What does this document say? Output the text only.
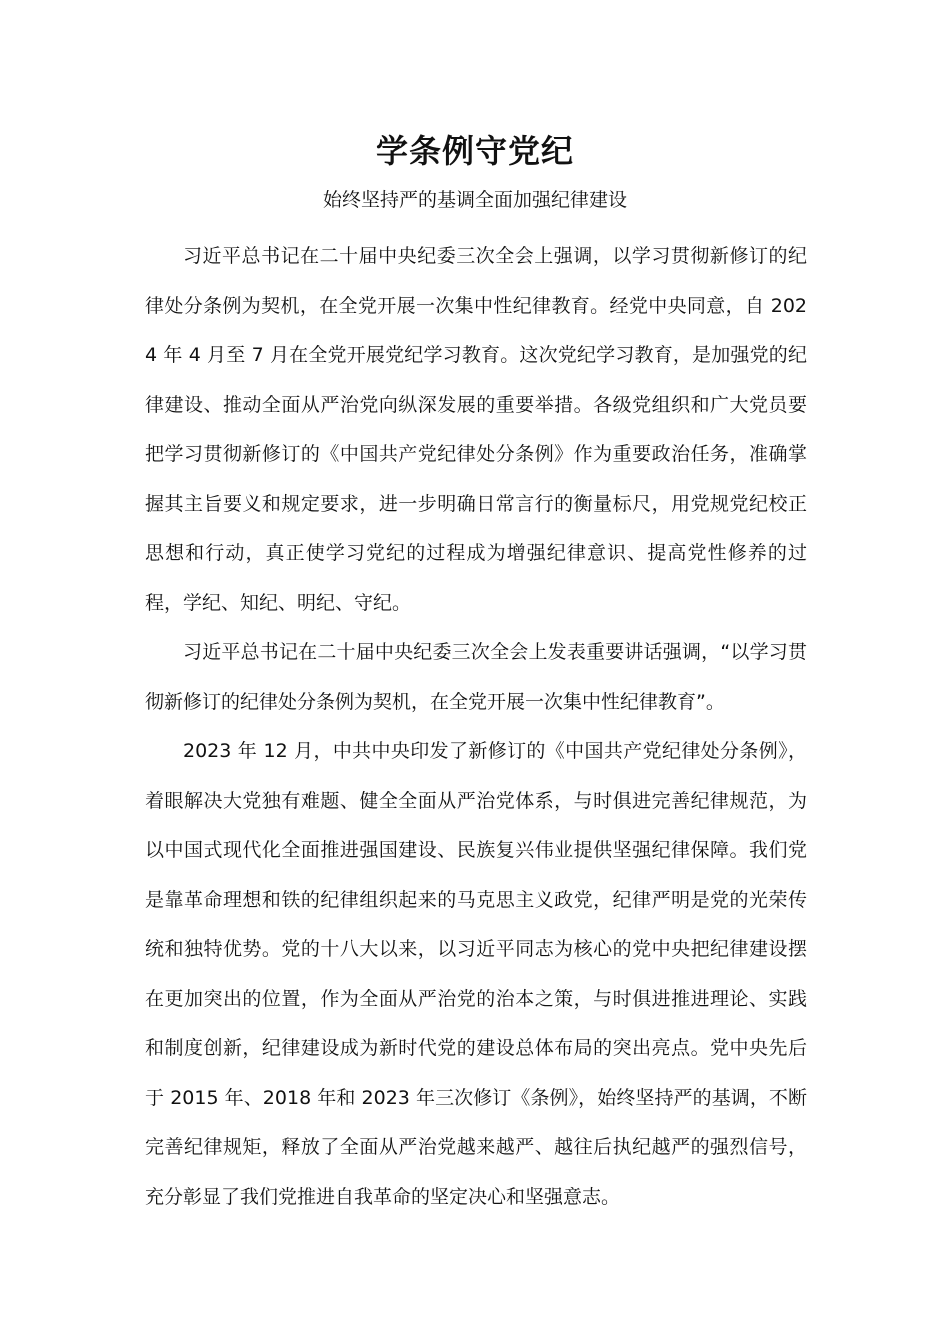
学条例守党纪
始终坚持严的基调全面加强纪律建设

习近平总书记在二十届中央纪委三次全会上强调，以学习贯彻新修订的纪律处分条例为契机，在全党开展一次集中性纪律教育。经党中央同意，自 2024 年 4 月至 7 月在全党开展党纪学习教育。这次党纪学习教育，是加强党的纪律建设、推动全面从严治党向纵深发展的重要举措。各级党组织和广大党员要把学习贯彻新修订的《中国共产党纪律处分条例》作为重要政治任务，准确掌握其主旨要义和规定要求，进一步明确日常言行的衡量标尺，用党规党纪校正思想和行动，真正使学习党纪的过程成为增强纪律意识、提高党性修养的过程，学纪、知纪、明纪、守纪。

习近平总书记在二十届中央纪委三次全会上发表重要讲话强调，“以学习贯彻新修订的纪律处分条例为契机，在全党开展一次集中性纪律教育”。

2023 年 12 月，中共中央印发了新修订的《中国共产党纪律处分条例》，着眼解决大党独有难题、健全全面从严治党体系，与时俱进完善纪律规范，为以中国式现代化全面推进强国建设、民族复兴伟业提供坚强纪律保障。我们党是靠革命理想和铁的纪律组织起来的马克思主义政党，纪律严明是党的光荣传统和独特优势。党的十八大以来，以习近平同志为核心的党中央把纪律建设摆在更加突出的位置，作为全面从严治党的治本之策，与时俱进推进理论、实践和制度创新，纪律建设成为新时代党的建设总体布局的突出亮点。党中央先后于 2015 年、2018 年和 2023 年三次修订《条例》，始终坚持严的基调，不断完善纪律规矩，释放了全面从严治党越来越严、越往后执纪越严的强烈信号，充分彰显了我们党推进自我革命的坚定决心和坚强意志。
